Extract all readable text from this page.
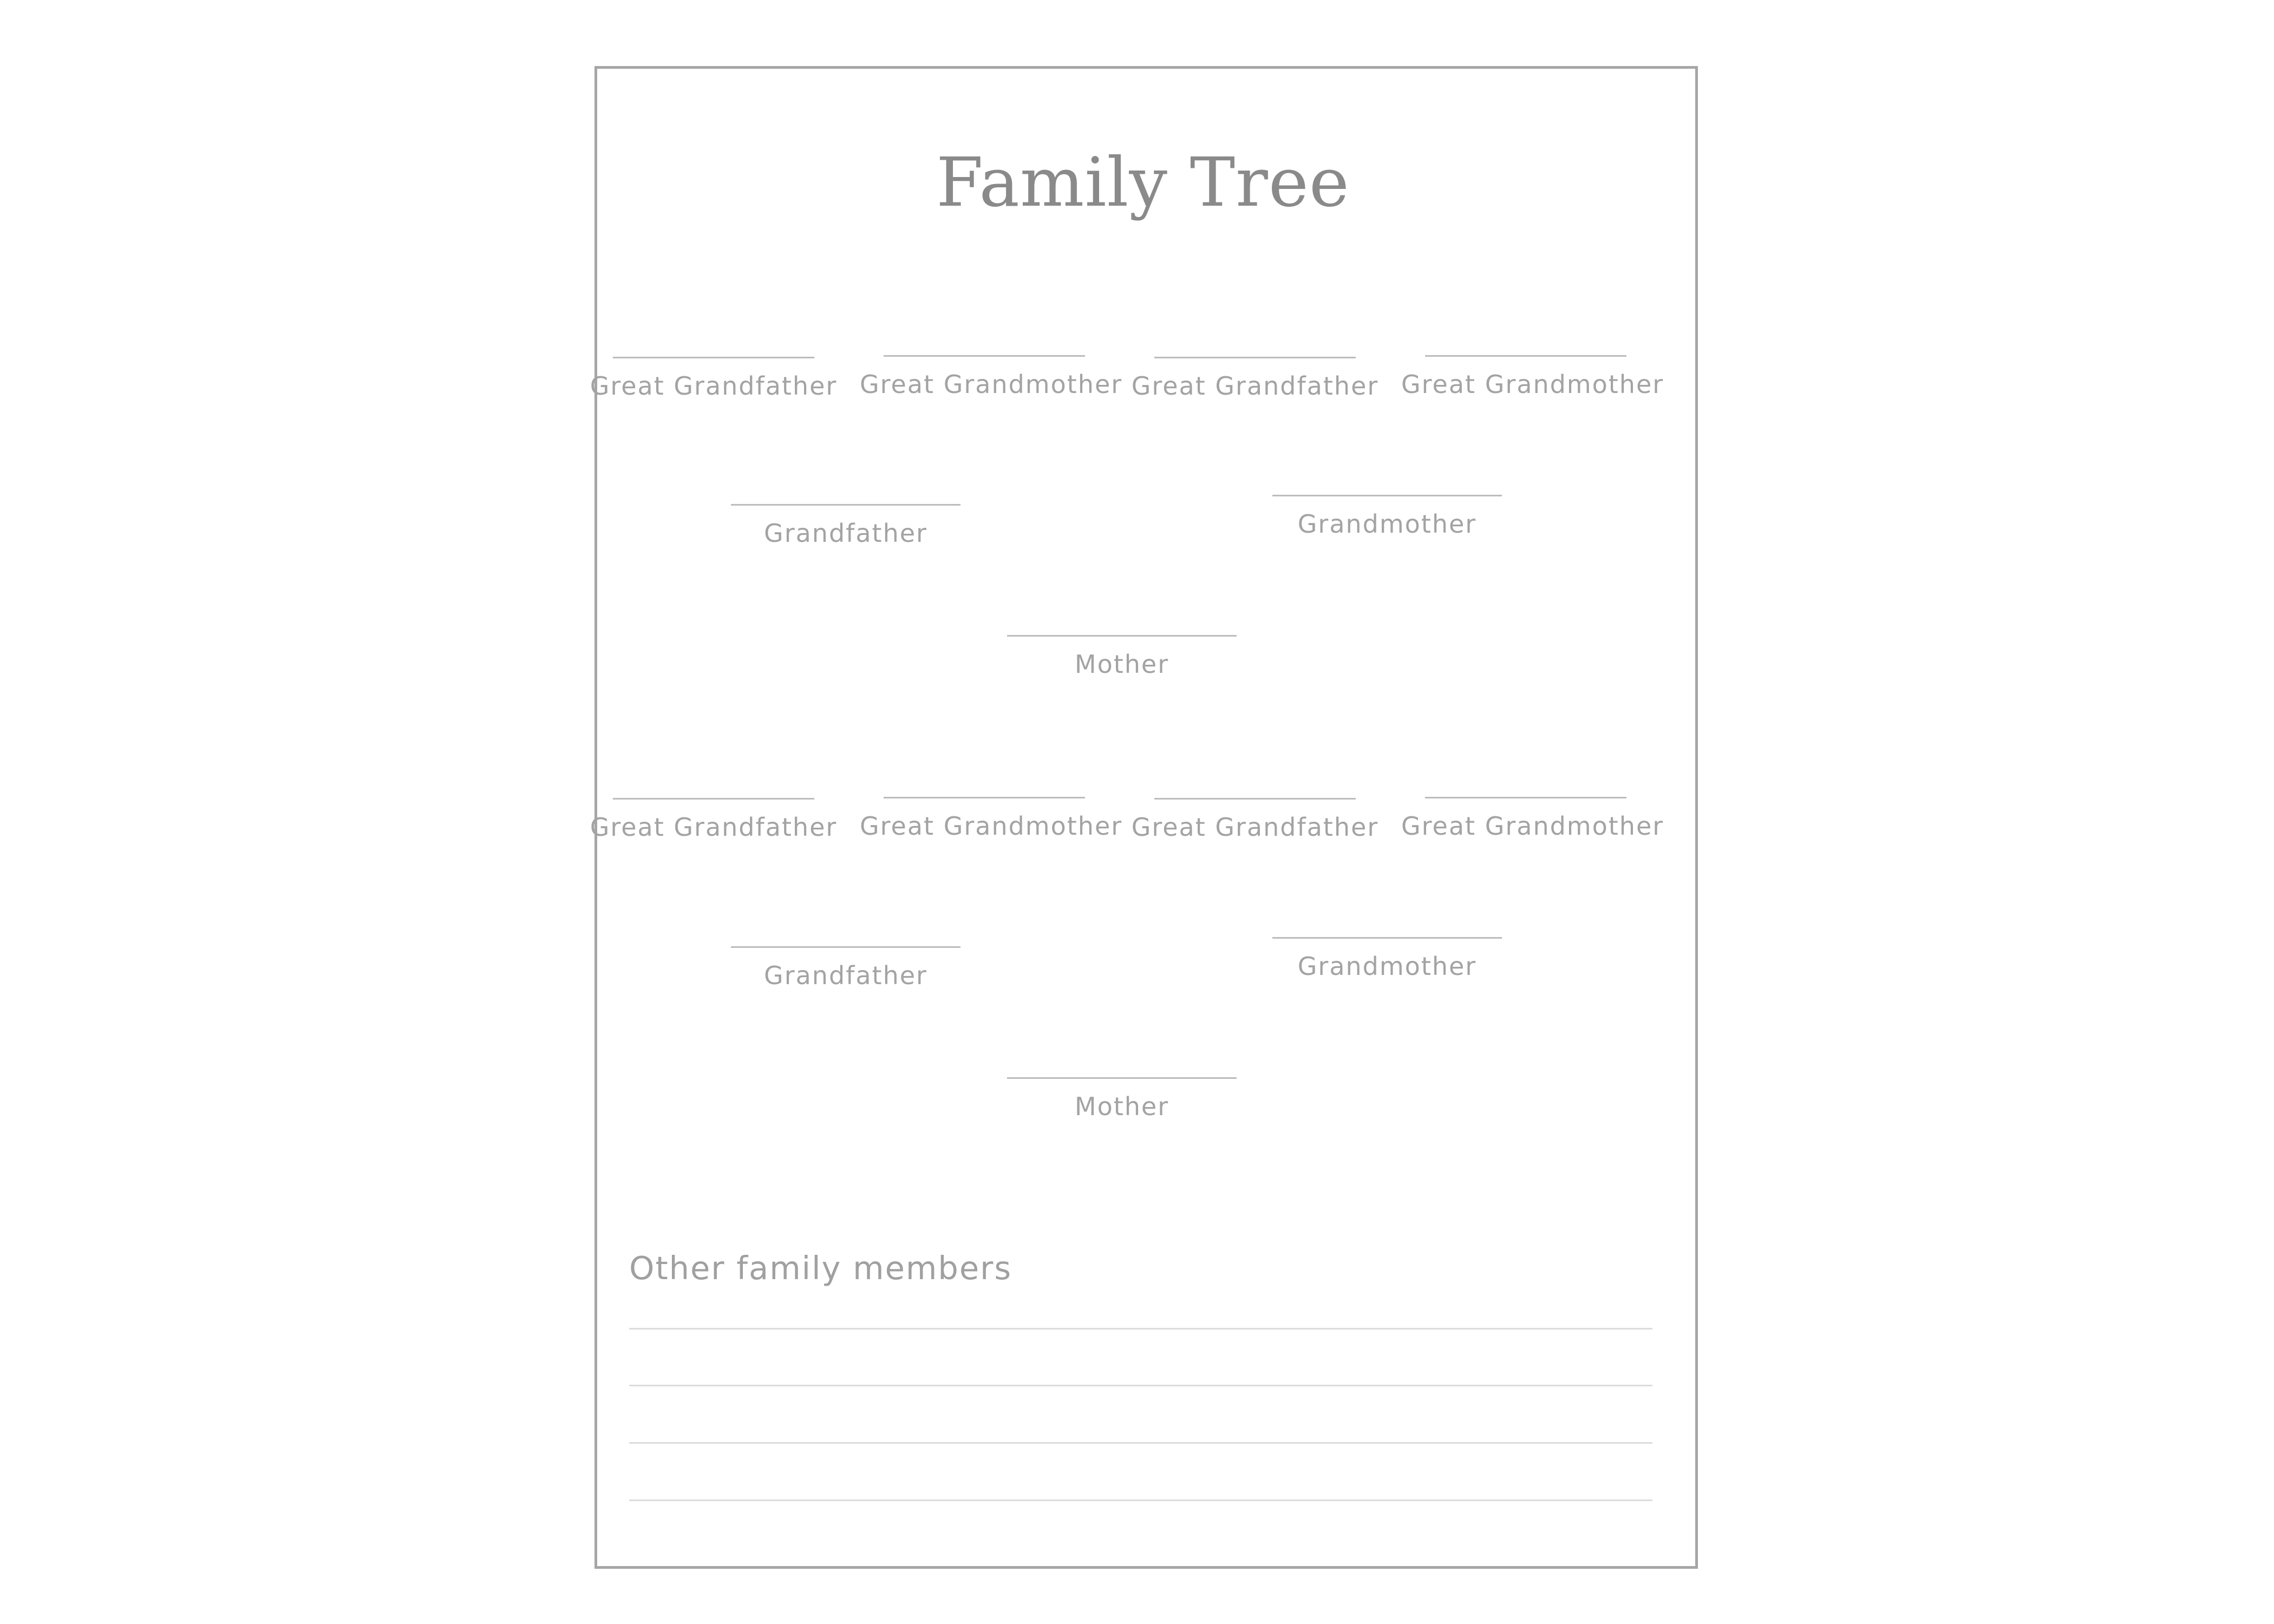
Family Tree
Great Grandfather Great Grandmother Great Grandfather Great Grandmother
Grandfather	Grandmother
Mother
Great Grandfather Great Grandmother Great Grandfather Great Grandmother
Grandfather	Grandmother
Mother
Other family members
